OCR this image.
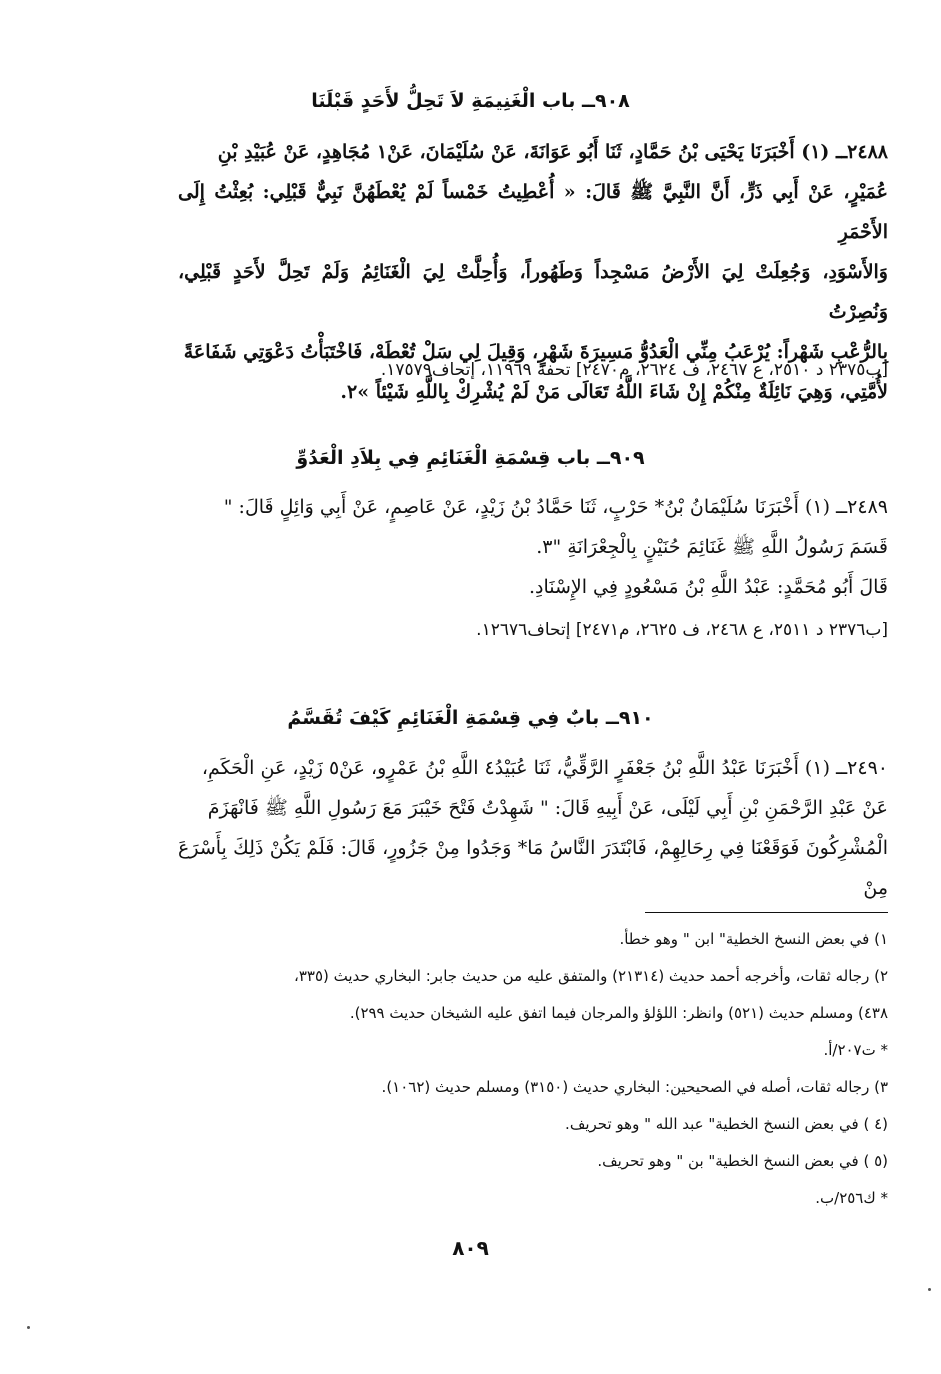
٩٠٨ــ باب الْغَنِيمَةِ لاَ تَحِلُّ لأَحَدٍ قَبْلَنَا
٢٤٨٨ــ (١) أَخْبَرَنَا يَحْيَى بْنُ حَمَّادٍ، ثَنَا أَبُو عَوَانَةَ، عَنْ سُلَيْمَانَ، عَنْ١ مُجَاهِدٍ، عَنْ عُبَيْدِ بْنِ
عُمَيْرٍ، عَنْ أَبِي ذَرٍّ، أَنَّ النَّبِيَّ ﷺ قَالَ: « أُعْطِيتُ خَمْساً لَمْ يُعْطَهُنَّ نَبِيٌّ قَبْلِي: بُعِثْتُ إِلَى الأَحْمَرِ
وَالأَسْوَدِ، وَجُعِلَتْ لِيَ الأَرْضُ مَسْجِداً وَطَهُوراً، وَأُحِلَّتْ لِيَ الْغَنَائِمُ وَلَمْ تَحِلَّ لأَحَدٍ قَبْلِي، وَنُصِرْتُ
بِالرُّعْبِ شَهْراً: يُرْعَبُ مِنِّي الْعَدُوُّ مَسِيرَةَ شَهْرٍ، وَقِيلَ لِي سَلْ تُعْطَهْ، فَاخْتَبَأْتُ دَعْوَتِي شَفَاعَةً
لأُمَّتِي، وَهِيَ نَائِلَةٌ مِنْكُمْ إِنْ شَاءَ اللَّهُ تَعَالَى مَنْ لَمْ يُشْرِكْ بِاللَّهِ شَيْئاً »٢.
[ب٢٣٧٥ د ٢٥١٠، ع ٢٤٦٧، ف ٢٦٢٤، م٢٤٧٠] تحفة ١١٩٦٩، إتحاف١٧٥٧٩.
٩٠٩ــ باب قِسْمَةِ الْغَنَائِمِ فِي بِلاَدِ الْعَدُوِّ
٢٤٨٩ــ (١) أَخْبَرَنَا سُلَيْمَانُ بْنُ* حَرْبٍ، ثَنَا حَمَّادُ بْنُ زَيْدٍ، عَنْ عَاصِمٍ، عَنْ أَبِي وَائِلٍ قَالَ: "
قَسَمَ رَسُولُ اللَّهِ ﷺ غَنَائِمَ حُنَيْنٍ بِالْجِعْرَانَةِ "٣.
قَالَ أَبُو مُحَمَّدٍ: عَبْدُ اللَّهِ بْنُ مَسْعُودٍ فِي الإِسْنَادِ.
[ب٢٣٧٦ د ٢٥١١، ع ٢٤٦٨، ف ٢٦٢٥، م٢٤٧١] إتحاف١٢٦٧٦.
٩١٠ــ بابٌ فِي قِسْمَةِ الْغَنَائِمِ كَيْفَ تُقَسَّمُ
٢٤٩٠ــ (١) أَخْبَرَنَا عَبْدُ اللَّهِ بْنُ جَعْفَرٍ الرَّقِّيُّ، ثَنَا عُبَيْدُ٤ اللَّهِ بْنُ عَمْرٍو، عَنْ٥ زَيْدٍ، عَنِ الْحَكَمِ،
عَنْ عَبْدِ الرَّحْمَنِ بْنِ أَبِي لَيْلَى، عَنْ أَبِيهِ قَالَ: " شَهِدْتُ فَتْحَ خَيْبَرَ مَعَ رَسُولِ اللَّهِ ﷺ فَانْهَزَمَ
الْمُشْرِكُونَ فَوَقَعْنَا فِي رِحَالِهِمْ، فَابْتَدَرَ النَّاسُ مَا* وَجَدُوا مِنْ جَزُورٍ، قَالَ: فَلَمْ يَكُنْ ذَلِكَ بِأَسْرَعَ مِنْ
١) في بعض النسخ الخطية" ابن " وهو خطأ.
٢) رجاله ثقات، وأخرجه أحمد حديث (٢١٣١٤) والمتفق عليه من حديث جابر: البخاري حديث (٣٣٥،
٤٣٨) ومسلم حديث (٥٢١) وانظر: اللؤلؤ والمرجان فيما اتفق عليه الشيخان حديث ٢٩٩).
* ت٢٠٧/أ.
٣) رجاله ثقات، أصله في الصحيحين: البخاري حديث (٣١٥٠) ومسلم حديث (١٠٦٢).
(٤ ) في بعض النسخ الخطية" عبد الله " وهو تحريف.
(٥ ) في بعض النسخ الخطية" بن " وهو تحريف.
* ك٢٥٦/ب.
٨٠٩
